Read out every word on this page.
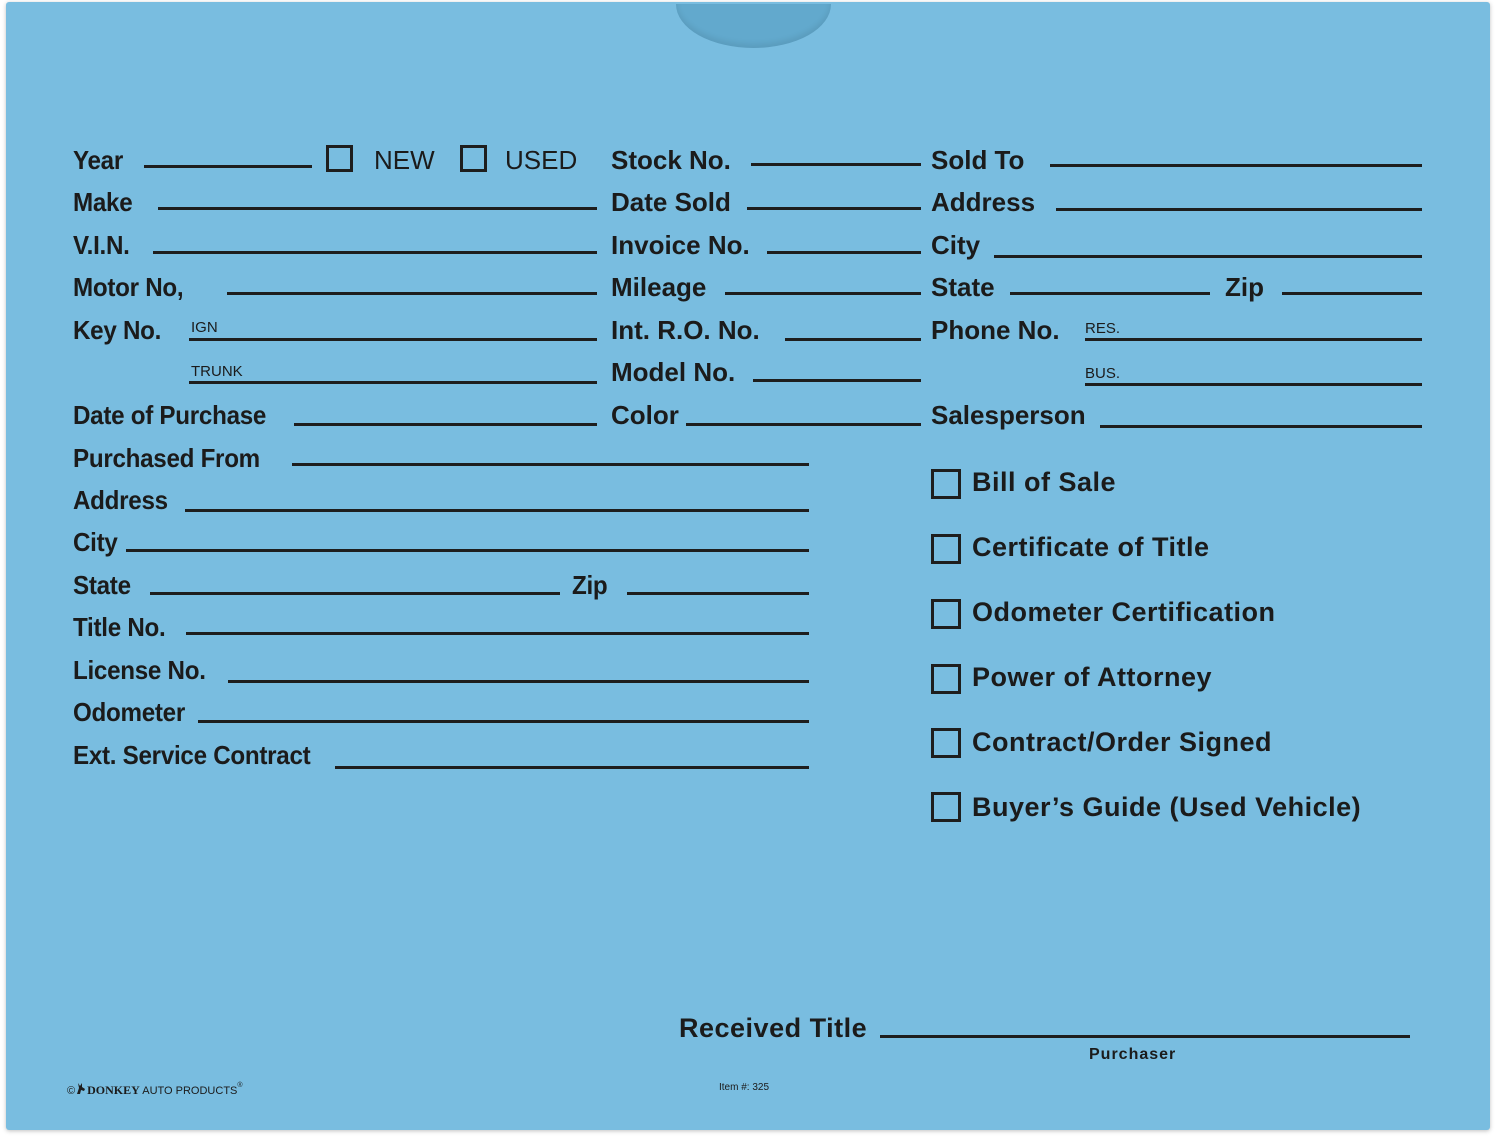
Year	NEW	USED Stock No.	Sold To
Make	Date Sold	Address
V.I.N.	Invoice No.	City
Motor No,	Mileage	State	Zip
Key No. IGN	Int. R.O. No.	Phone No. RES.
TRUNK	Model No.	BUS.
Date of Purchase	Color	Salesperson
Purchased From
Address
City
State	Zip
Title No.
License No.
Odometer
Ext. Service Contract
Bill of Sale
Certificate of Title
Odometer Certification
Power of Attorney
Contract/Order Signed
Buyer’s Guide (Used Vehicle)
Received Title
Purchaser
© DONKEY AUTO PRODUCTS®	Item #: 325
